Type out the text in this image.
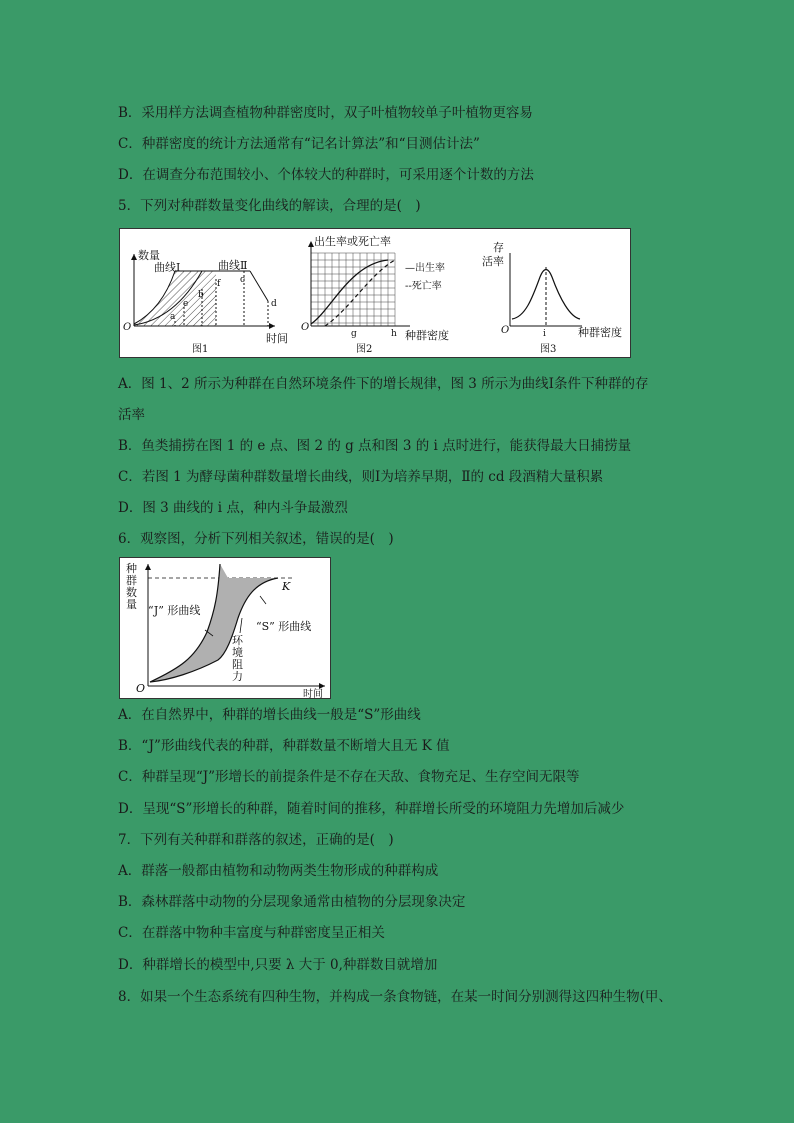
B．采用样方法调查植物种群密度时，双子叶植物较单子叶植物更容易
C．种群密度的统计方法通常有“记名计算法”和“目测估计法”
D．在调查分布范围较小、个体较大的种群时，可采用逐个计数的方法
5．下列对种群数量变化曲线的解读，合理的是(　)
数量
曲线Ⅰ	曲线Ⅱ
a
b
c
d
e
f
O
时间
图1
出生率或死亡率
—出生率
--死亡率
O
g	h 种群密度
图2
存
活率
O	i	种群密度
图3
A．图 1、2 所示为种群在自然环境条件下的增长规律，图 3 所示为曲线Ⅰ条件下种群的存
活率
B．鱼类捕捞在图 1 的 e 点、图 2 的 g 点和图 3 的 i 点时进行，能获得最大日捕捞量
C．若图 1 为酵母菌种群数量增长曲线，则Ⅰ为培养早期，Ⅱ的 cd 段酒精大量积累
D．图 3 曲线的 i 点，种内斗争最激烈
6．观察图，分析下列相关叙述，错误的是(　)
种
群
数
量
K
“J” 形曲线
“S” 形曲线
环
境
阻
力
O	时间
A．在自然界中，种群的增长曲线一般是“S”形曲线
B．“J”形曲线代表的种群，种群数量不断增大且无 K 值
C．种群呈现“J”形增长的前提条件是不存在天敌、食物充足、生存空间无限等
D．呈现“S”形增长的种群，随着时间的推移，种群增长所受的环境阻力先增加后减少
7．下列有关种群和群落的叙述，正确的是(　)
A．群落一般都由植物和动物两类生物形成的种群构成
B．森林群落中动物的分层现象通常由植物的分层现象决定
C．在群落中物种丰富度与种群密度呈正相关
D．种群增长的模型中,只要 λ 大于 0,种群数目就增加
8．如果一个生态系统有四种生物，并构成一条食物链，在某一时间分别测得这四种生物(甲、
